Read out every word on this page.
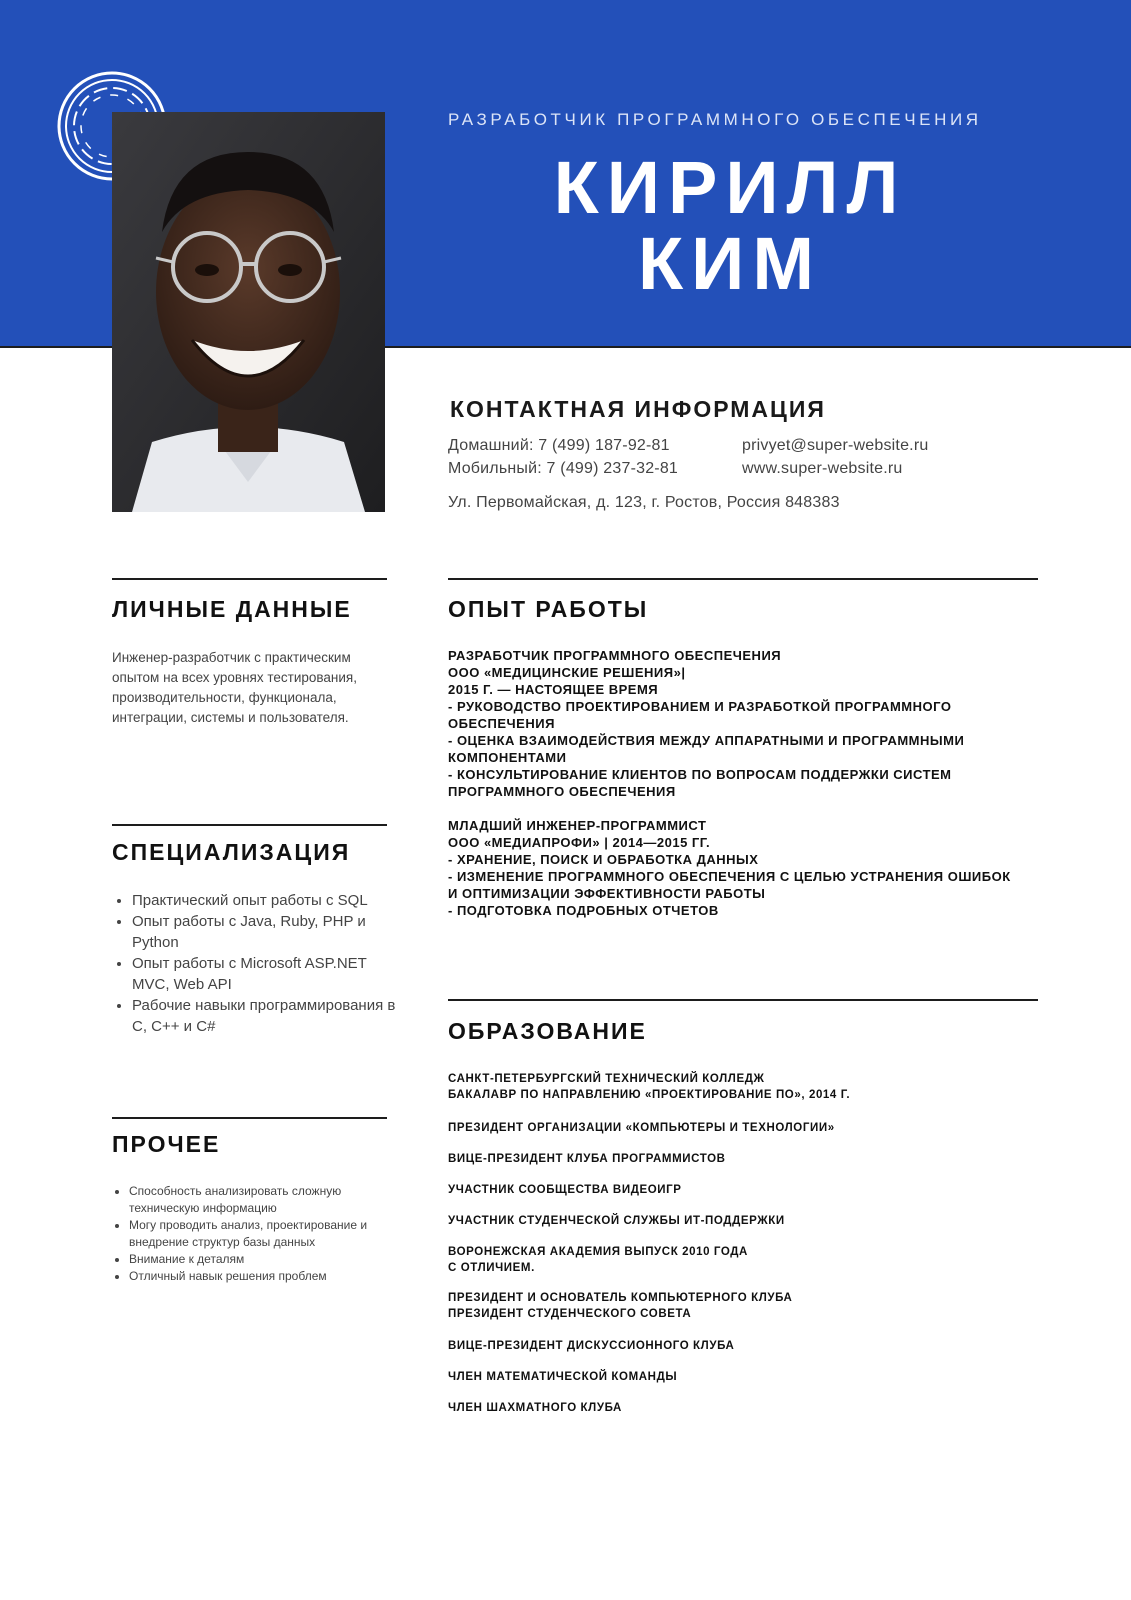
РАЗРАБОТЧИК ПРОГРАММНОГО ОБЕСПЕЧЕНИЯ
КИРИЛЛ
КИМ
КОНТАКТНАЯ ИНФОРМАЦИЯ
Домашний: 7 (499) 187-92-81
Мобильный: 7 (499) 237-32-81
privyet@super-website.ru
www.super-website.ru
Ул. Первомайская, д. 123, г. Ростов, Россия 848383
ЛИЧНЫЕ ДАННЫЕ
Инженер-разработчик с практическим опытом на всех уровнях тестирования, производительности, функционала, интеграции, системы и пользователя.
СПЕЦИАЛИЗАЦИЯ
• Практический опыт работы с SQL
• Опыт работы с Java, Ruby, PHP и Python
• Опыт работы с Microsoft ASP.NET MVC, Web API
• Рабочие навыки программирования в C, C++ и C#
ПРОЧЕЕ
• Способность анализировать сложную техническую информацию
• Могу проводить анализ, проектирование и внедрение структур базы данных
• Внимание к деталям
• Отличный навык решения проблем
ОПЫТ РАБОТЫ
РАЗРАБОТЧИК ПРОГРАММНОГО ОБЕСПЕЧЕНИЯ
ООО «МЕДИЦИНСКИЕ РЕШЕНИЯ»|
2015 Г. — НАСТОЯЩЕЕ ВРЕМЯ
- РУКОВОДСТВО ПРОЕКТИРОВАНИЕМ И РАЗРАБОТКОЙ ПРОГРАММНОГО
ОБЕСПЕЧЕНИЯ
- ОЦЕНКА ВЗАИМОДЕЙСТВИЯ МЕЖДУ АППАРАТНЫМИ И ПРОГРАММНЫМИ
КОМПОНЕНТАМИ
- КОНСУЛЬТИРОВАНИЕ КЛИЕНТОВ ПО ВОПРОСАМ ПОДДЕРЖКИ СИСТЕМ
ПРОГРАММНОГО ОБЕСПЕЧЕНИЯ
МЛАДШИЙ ИНЖЕНЕР-ПРОГРАММИСТ
ООО «МЕДИАПРОФИ» | 2014—2015 ГГ.
- ХРАНЕНИЕ, ПОИСК И ОБРАБОТКА ДАННЫХ
- ИЗМЕНЕНИЕ ПРОГРАММНОГО ОБЕСПЕЧЕНИЯ С ЦЕЛЬЮ УСТРАНЕНИЯ ОШИБОК
И ОПТИМИЗАЦИИ ЭФФЕКТИВНОСТИ РАБОТЫ
- ПОДГОТОВКА ПОДРОБНЫХ ОТЧЕТОВ
ОБРАЗОВАНИЕ
САНКТ-ПЕТЕРБУРГСКИЙ ТЕХНИЧЕСКИЙ КОЛЛЕДЖ
БАКАЛАВР ПО НАПРАВЛЕНИЮ «ПРОЕКТИРОВАНИЕ ПО», 2014 Г.
ПРЕЗИДЕНТ ОРГАНИЗАЦИИ «КОМПЬЮТЕРЫ И ТЕХНОЛОГИИ»
ВИЦЕ-ПРЕЗИДЕНТ КЛУБА ПРОГРАММИСТОВ
УЧАСТНИК СООБЩЕСТВА ВИДЕОИГР
УЧАСТНИК СТУДЕНЧЕСКОЙ СЛУЖБЫ ИТ-ПОДДЕРЖКИ
ВОРОНЕЖСКАЯ АКАДЕМИЯ ВЫПУСК 2010 ГОДА
С ОТЛИЧИЕМ.
ПРЕЗИДЕНТ И ОСНОВАТЕЛЬ КОМПЬЮТЕРНОГО КЛУБА
ПРЕЗИДЕНТ СТУДЕНЧЕСКОГО СОВЕТА
ВИЦЕ-ПРЕЗИДЕНТ ДИСКУССИОННОГО КЛУБА
ЧЛЕН МАТЕМАТИЧЕСКОЙ КОМАНДЫ
ЧЛЕН ШАХМАТНОГО КЛУБА
